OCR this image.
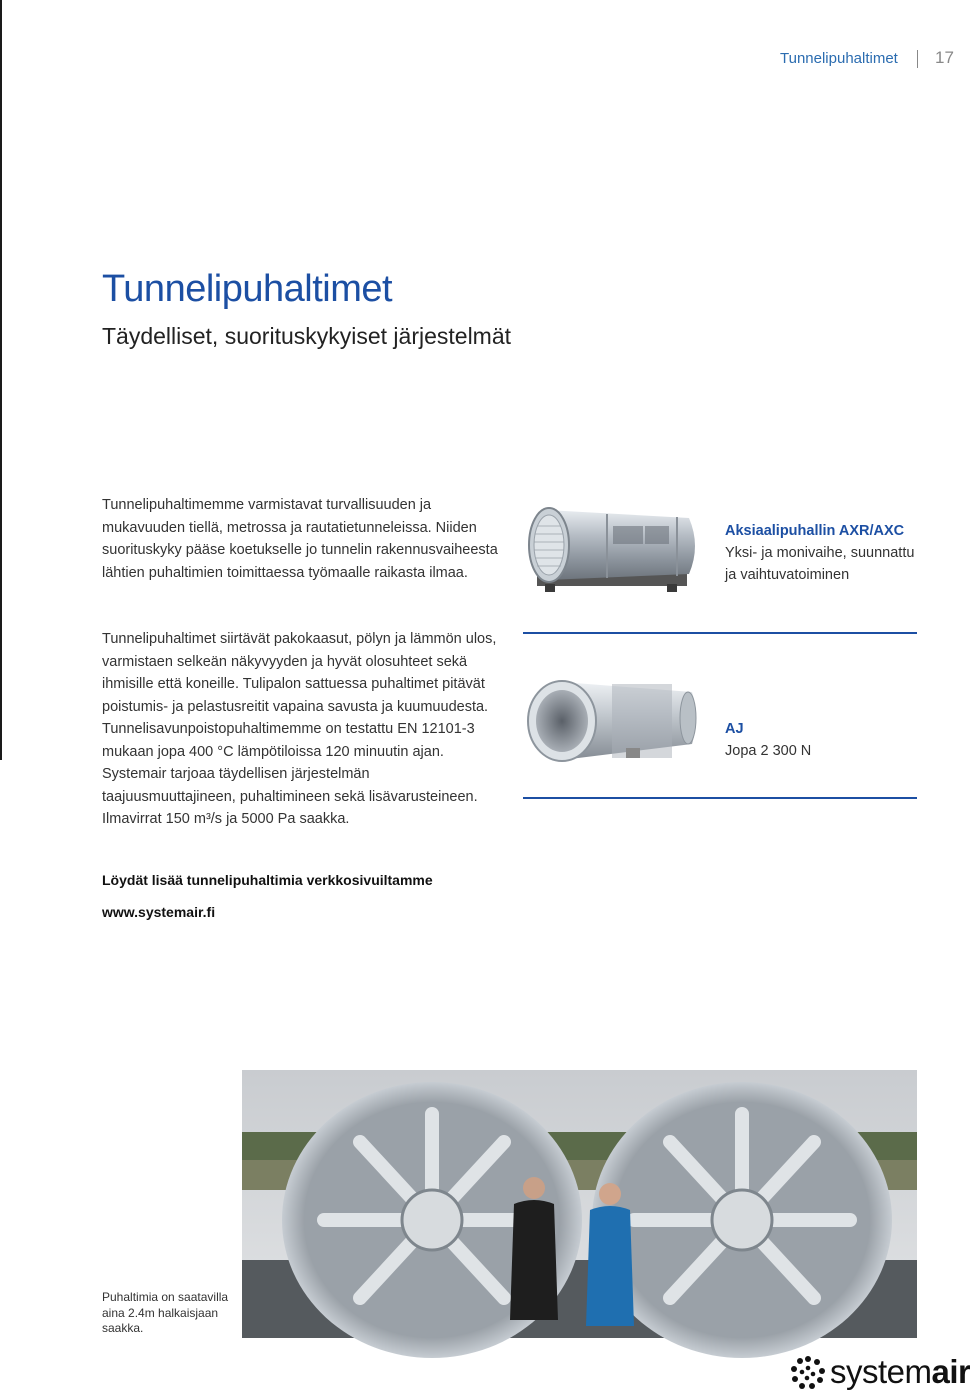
Tunnelipuhaltimet 17
Tunnelipuhaltimet
Täydelliset, suorituskykyiset järjestelmät

Tunnelipuhaltimemme varmistavat turvallisuuden ja mukavuuden tiellä, metrossa ja rautatietunneleissa. Niiden suorituskyky pääse koetukselle jo tunnelin rakennusvaiheesta lähtien puhaltimien toimittaessa työmaalle raikasta ilmaa.

Tunnelipuhaltimet siirtävät pakokaasut, pölyn ja lämmön ulos, varmistaen selkeän näkyvyyden ja hyvät olosuhteet sekä ihmisille että koneille. Tulipalon sattuessa puhaltimet pitävät poistumis- ja pelastusreitit vapaina savusta ja kuumuudesta. Tunnelisavunpoistopuhaltimemme on testattu EN 12101-3 mukaan jopa 400 °C lämpötiloissa 120 minuutin ajan. Systemair tarjoaa täydellisen järjestelmän taajuusmuuttajineen, puhaltimineen sekä lisävarusteineen. Ilmavirrat 150 m³/s ja 5000 Pa saakka.

Aksiaalipuhallin AXR/AXC
Yksi- ja monivaihe, suunnattu ja vaihtuvatoiminen
AJ
Jopa 2 300 N
Löydät lisää tunnelipuhaltimia verkkosivuiltamme
www.systemair.fi
Puhaltimia on saatavilla aina 2.4m halkaisjaan saakka.
systemair
